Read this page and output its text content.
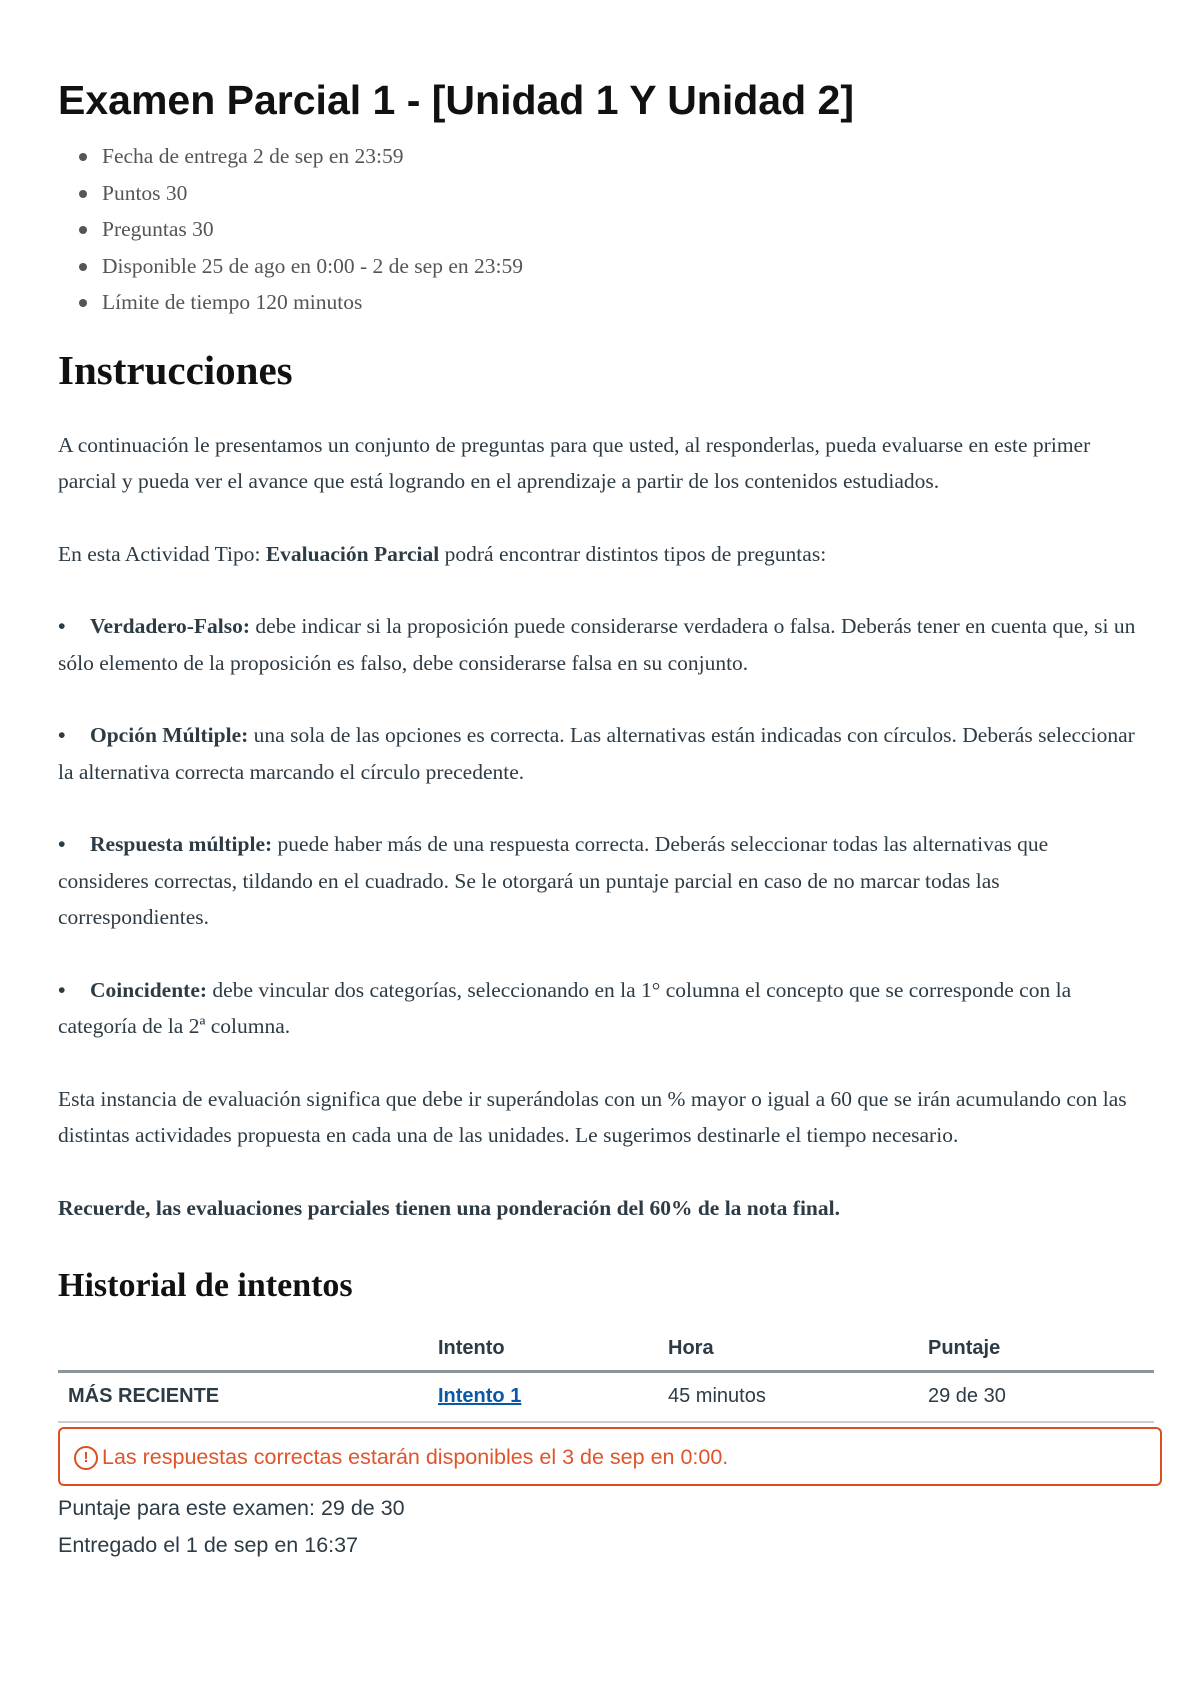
Examen Parcial 1 - [Unidad 1 Y Unidad 2]
Fecha de entrega 2 de sep en 23:59
Puntos 30
Preguntas 30
Disponible 25 de ago en 0:00 - 2 de sep en 23:59
Límite de tiempo 120 minutos
Instrucciones

A continuación le presentamos un conjunto de preguntas para que usted, al responderlas, pueda evaluarse en este primer parcial y pueda ver el avance que está logrando en el aprendizaje a partir de los contenidos estudiados.

En esta Actividad Tipo: Evaluación Parcial podrá encontrar distintos tipos de preguntas:

• Verdadero-Falso: debe indicar si la proposición puede considerarse verdadera o falsa. Deberás tener en cuenta que, si un sólo elemento de la proposición es falso, debe considerarse falsa en su conjunto.

• Opción Múltiple: una sola de las opciones es correcta. Las alternativas están indicadas con círculos. Deberás seleccionar la alternativa correcta marcando el círculo precedente.

• Respuesta múltiple: puede haber más de una respuesta correcta. Deberás seleccionar todas las alternativas que consideres correctas, tildando en el cuadrado. Se le otorgará un puntaje parcial en caso de no marcar todas las correspondientes.

• Coincidente: debe vincular dos categorías, seleccionando en la 1° columna el concepto que se corresponde con la categoría de la 2ª columna.

Esta instancia de evaluación significa que debe ir superándolas con un % mayor o igual a 60 que se irán acumulando con las distintas actividades propuesta en cada una de las unidades. Le sugerimos destinarle el tiempo necesario.

Recuerde, las evaluaciones parciales tienen una ponderación del 60% de la nota final.

Historial de intentos
	Intento	Hora	Puntaje
MÁS RECIENTE	Intento 1	45 minutos	29 de 30
! Las respuestas correctas estarán disponibles el 3 de sep en 0:00.
Puntaje para este examen: 29 de 30
Entregado el 1 de sep en 16:37
